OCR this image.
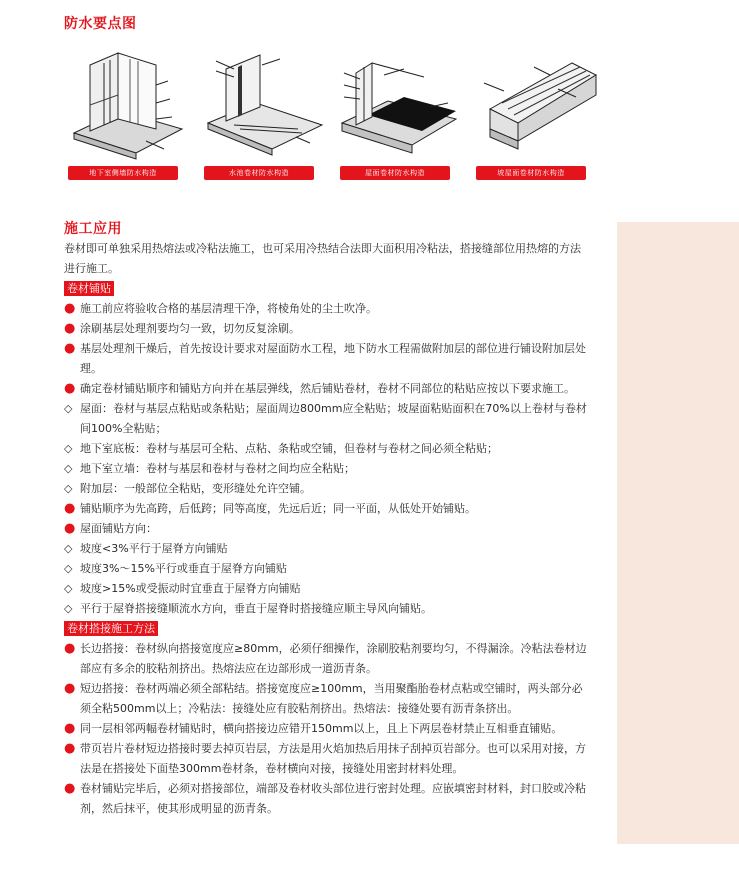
防水要点图
地下室侧墙防水构造	水池卷材防水构造	屋面卷材防水构造	坡屋面卷材防水构造
施工应用

卷材即可单独采用热熔法或冷粘法施工，也可采用冷热结合法即大面积用冷粘法，搭接缝部位用热熔的方法进行施工。

卷材铺贴
● 施工前应将验收合格的基层清理干净，将棱角处的尘土吹净。
● 涂刷基层处理剂要均匀一致，切勿反复涂刷。
● 基层处理剂干燥后，首先按设计要求对屋面防水工程，地下防水工程需做附加层的部位进行铺设附加层处理。
● 确定卷材铺贴顺序和铺贴方向并在基层弹线，然后铺贴卷材，卷材不同部位的粘贴应按以下要求施工。
◇ 屋面：卷材与基层点粘贴或条粘贴；屋面周边800mm应全粘贴；坡屋面粘贴面积在70%以上卷材与卷材间100%全粘贴；
◇ 地下室底板：卷材与基层可全粘、点粘、条粘或空铺，但卷材与卷材之间必须全粘贴；
◇ 地下室立墙：卷材与基层和卷材与卷材之间均应全粘贴；
◇ 附加层：一般部位全粘贴，变形缝处允许空铺。
● 铺贴顺序为先高跨，后低跨；同等高度，先远后近；同一平面，从低处开始铺贴。
● 屋面铺贴方向：
◇ 坡度<3%平行于屋脊方向铺贴
◇ 坡度3%～15%平行或垂直于屋脊方向铺贴
◇ 坡度>15%或受振动时宜垂直于屋脊方向铺贴
◇ 平行于屋脊搭接缝顺流水方向，垂直于屋脊时搭接缝应顺主导风向铺贴。
卷材搭接施工方法
● 长边搭接：卷材纵向搭接宽度应≥80mm，必须仔细操作，涂刷胶粘剂要均匀，不得漏涂。冷粘法卷材边部应有多余的胶粘剂挤出。热熔法应在边部形成一道沥青条。
● 短边搭接：卷材两端必须全部粘结。搭接宽度应≥100mm，当用聚酯胎卷材点粘或空铺时，两头部分必须全粘500mm以上；冷粘法：接缝处应有胶粘剂挤出。热熔法：接缝处要有沥青条挤出。
● 同一层相邻两幅卷材铺贴时，横向搭接边应错开150mm以上，且上下两层卷材禁止互相垂直铺贴。
● 带页岩片卷材短边搭接时要去掉页岩层，方法是用火焰加热后用抹子刮掉页岩部分。也可以采用对接，方法是在搭接处下面垫300mm卷材条，卷材横向对接，接缝处用密封材料处理。
● 卷材铺贴完毕后，必须对搭接部位，端部及卷材收头部位进行密封处理。应嵌填密封材料，封口胶或冷粘剂，然后抹平，使其形成明显的沥青条。
